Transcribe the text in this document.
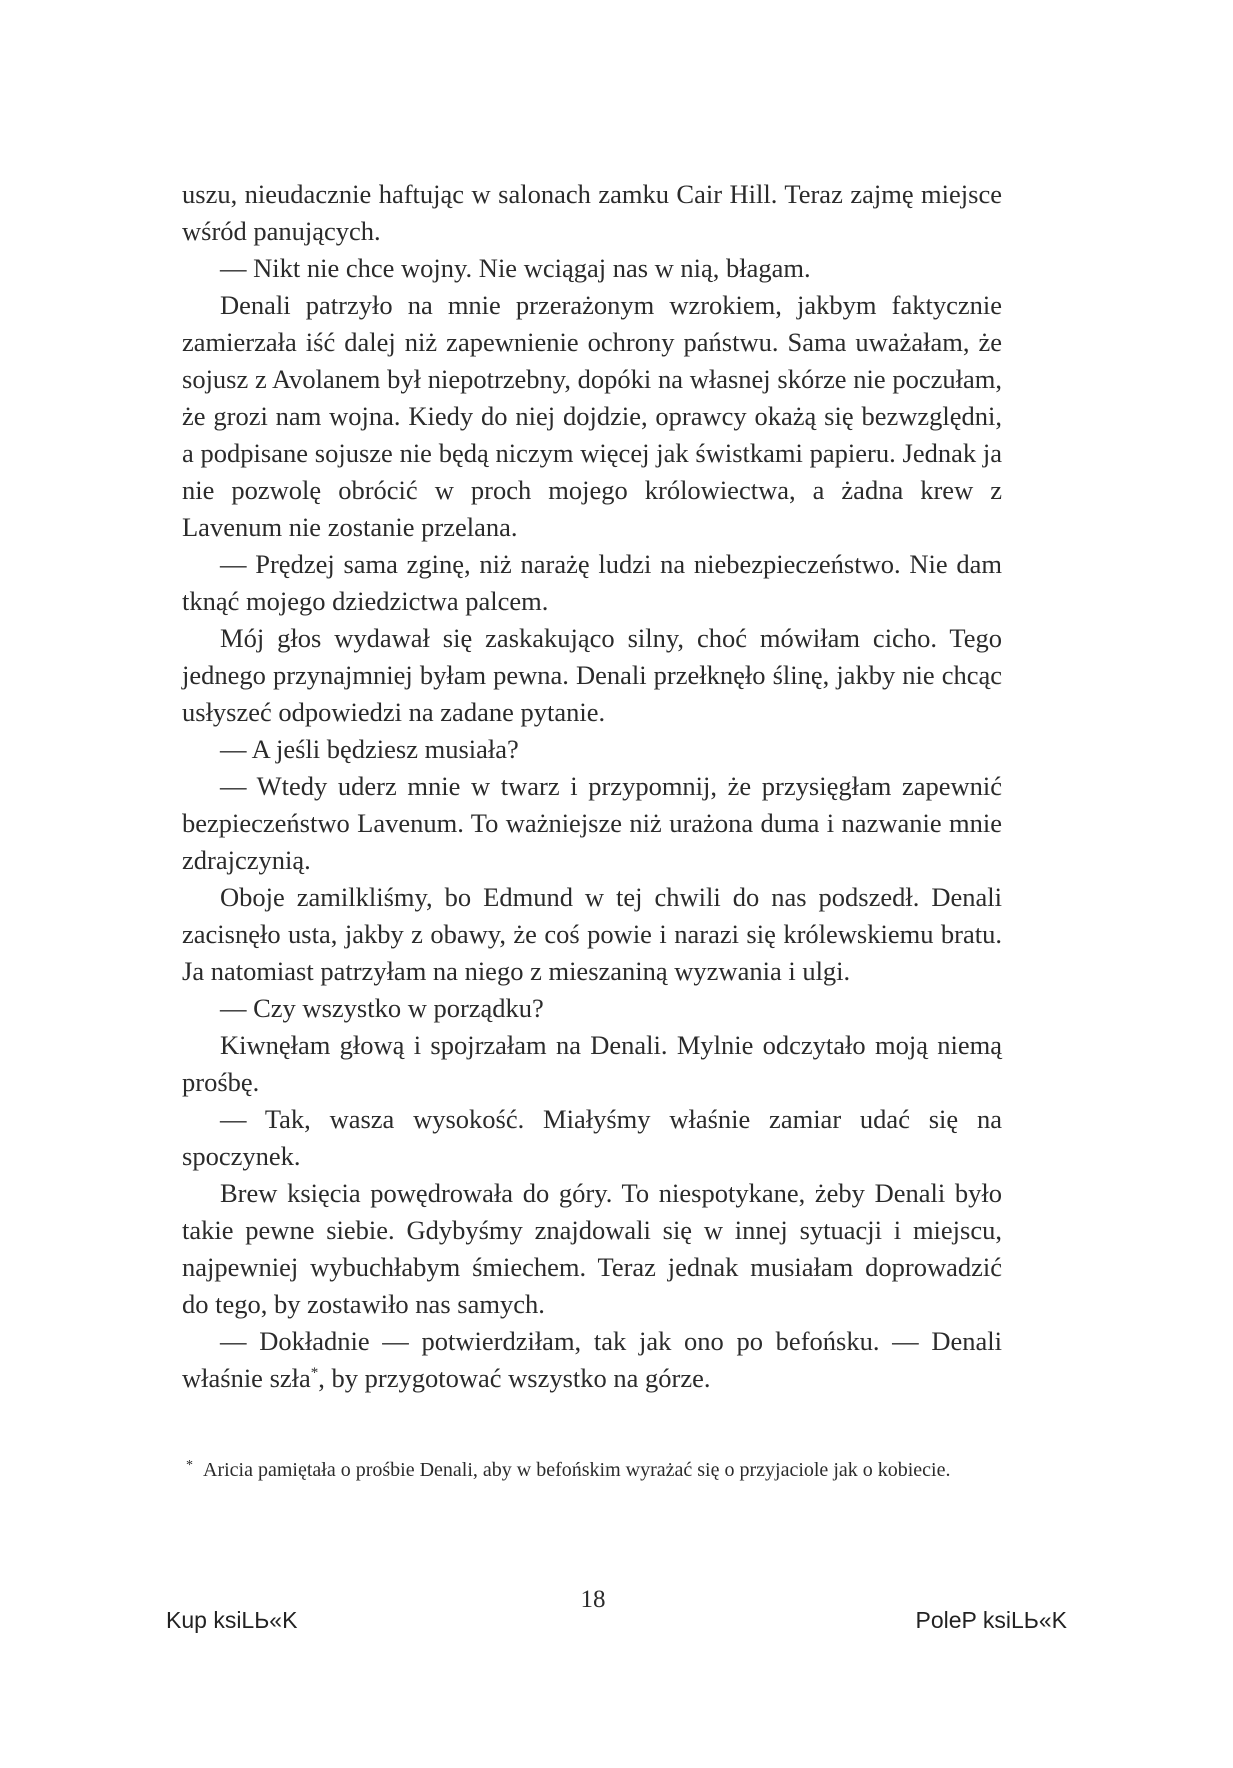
uszu, nieudacznie haftując w salonach zamku Cair Hill. Teraz zajmę miejsce wśród panujących.

— Nikt nie chce wojny. Nie wciągaj nas w nią, błagam.

Denali patrzyło na mnie przerażonym wzrokiem, jakbym faktycznie zamierzała iść dalej niż zapewnienie ochrony państwu. Sama uważałam, że sojusz z Avolanem był niepotrzebny, dopóki na własnej skórze nie poczułam, że grozi nam wojna. Kiedy do niej dojdzie, oprawcy okażą się bezwzględni, a podpisane sojusze nie będą niczym więcej jak świstkami papieru. Jednak ja nie pozwolę obrócić w proch mojego królowiectwa, a żadna krew z Lavenum nie zostanie przelana.

— Prędzej sama zginę, niż narażę ludzi na niebezpieczeństwo. Nie dam tknąć mojego dziedzictwa palcem.

Mój głos wydawał się zaskakująco silny, choć mówiłam cicho. Tego jednego przynajmniej byłam pewna. Denali przełknęło ślinę, jakby nie chcąc usłyszeć odpowiedzi na zadane pytanie.

— A jeśli będziesz musiała?

— Wtedy uderz mnie w twarz i przypomnij, że przysięgłam zapewnić bezpieczeństwo Lavenum. To ważniejsze niż urażona duma i nazwanie mnie zdrajczynią.

Oboje zamilkliśmy, bo Edmund w tej chwili do nas podszedł. Denali zacisnęło usta, jakby z obawy, że coś powie i narazi się królewskiemu bratu. Ja natomiast patrzyłam na niego z mieszaniną wyzwania i ulgi.

— Czy wszystko w porządku?

Kiwnęłam głową i spojrzałam na Denali. Mylnie odczytało moją niemą prośbę.

— Tak, wasza wysokość. Miałyśmy właśnie zamiar udać się na spoczynek.

Brew księcia powędrowała do góry. To niespotykane, żeby Denali było takie pewne siebie. Gdybyśmy znajdowali się w innej sytuacji i miejscu, najpewniej wybuchłabym śmiechem. Teraz jednak musiałam doprowadzić do tego, by zostawiło nas samych.

— Dokładnie — potwierdziłam, tak jak ono po befońsku. — Denali właśnie szła*, by przygotować wszystko na górze.

* Aricia pamiętała o prośbie Denali, aby w befońskim wyrażać się o przyjaciole jak o kobiecie.
18
Kup ksiLЬ«K	PoleP ksiLЬ«K
